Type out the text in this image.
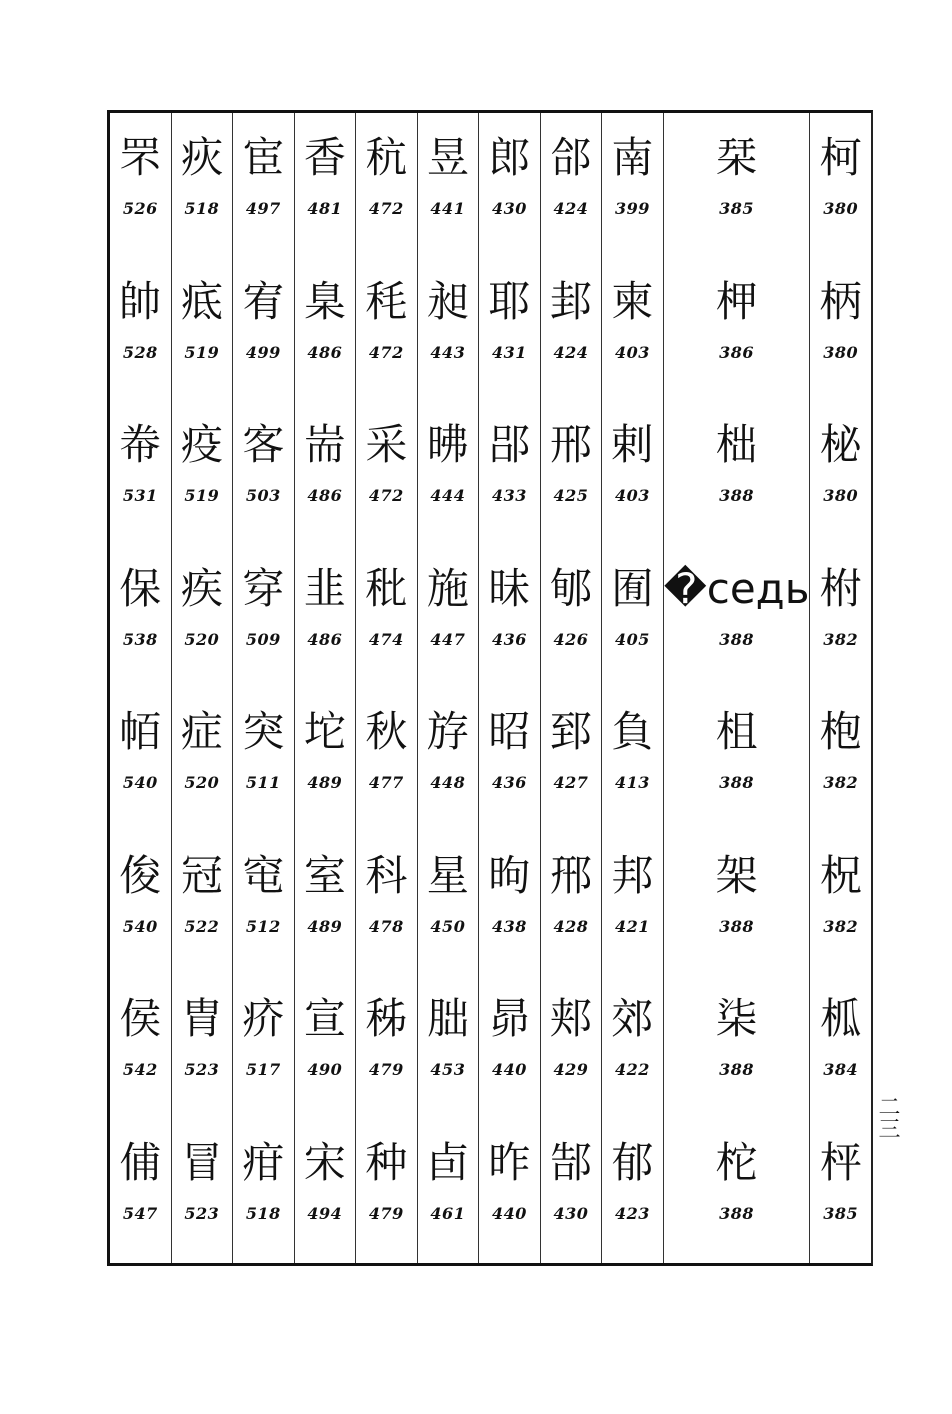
柯
380
柄
380
柲
380
柎
382
枹
382
柷
382
柧
384
枰
385
栞
385
柙
386
柮
388
�седь
388
柤
388
架
388
柒
388
柁
388
南
399
柬
403
剌
403
囿
405
負
413
邦
421
郊
422
郁
423
郃
424
邽
424
邢
425
郇
426
郅
427
郉
428
郏
429
郜
430
郎
430
耶
431
郘
433
昧
436
昭
436
昫
438
昴
440
昨
440
昱
441
昶
443
昲
444
施
447
斿
448
星
450
朏
453
卣
461
秔
472
秏
472
采
472
秕
474
秋
477
科
478
秭
479
种
479
香
481
臬
486
耑
486
韭
486
坨
489
室
489
宣
490
宋
494
宦
497
宥
499
客
503
穿
509
突
511
窀
512
疥
517
疳
518
疢
518
疷
519
疫
519
疾
520
症
520
冠
522
胄
523
冒
523
罘
526
帥
528
帣
531
保
538
帞
540
俊
540
侯
542
俌
547
二三
